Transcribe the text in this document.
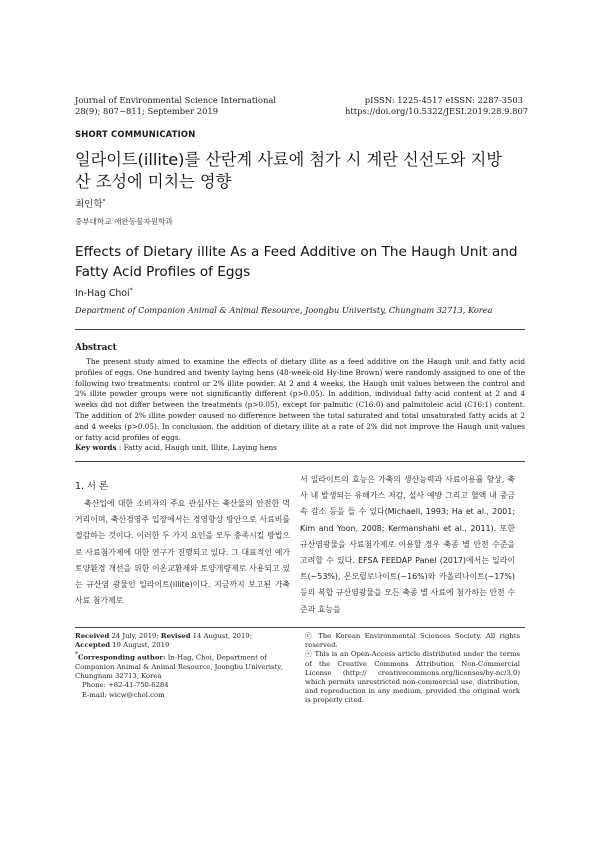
Journal of Environmental Science International
28(9); 807~811; September 2019
pISSN: 1225-4517 eISSN: 2287-3503
https://doi.org/10.5322/JESI.2019.28.9.807
SHORT COMMUNICATION
일라이트(illite)를 산란계 사료에 첨가 시 계란 신선도와 지방산 조성에 미치는 영향
최인학*
중부대학교 애완동물자원학과
Effects of Dietary illite As a Feed Additive on The Haugh Unit and Fatty Acid Profiles of Eggs
In-Hag Choi*
Department of Companion Animal & Animal Resource, Joongbu Univeristy, Chungnam 32713, Korea
Abstract
The present study aimed to examine the effects of dietary illite as a feed additive on the Haugh unit and fatty acid profiles of eggs. One hundred and twenty laying hens (48-week-old Hy-line Brown) were randomly assigned to one of the following two treatments: control or 2% illite powder. At 2 and 4 weeks, the Haugh unit values between the control and 2% illite powder groups were not significantly different (p>0.05). In addition, individual fatty acid content at 2 and 4 weeks did not differ between the treatments (p>0.05), except for palmitic (C16:0) and palmitoleic acid (C16:1) content. The addition of 2% illite powder caused no difference between the total saturated and total unsaturated fatty acids at 2 and 4 weeks (p>0.05). In conclusion, the addition of dietary illite at a rate of 2% did not improve the Haugh unit values or fatty acid profiles of eggs.
Key words : Fatty acid, Haugh unit, Illite, Laying hens
1. 서 론
축산업에 대한 소비자의 주요 관심사는 축산물의 안전한 먹거리이며, 축산경영주 입장에서는 경영향상 방안으로 사료비를 절감하는 것이다. 이러한 두 가지 요인을 모두 충족시킬 방법으로 사료첨가제에 대한 연구가 진행되고 있다. 그 대표적인 예가 토양환경 개선을 위한 이온교환제와 토양개량제로 사용되고 있는 규산염 광물인 일라이트(illite)이다. 지금까지 보고된 가축사료 첨가제로
서 일라이트의 효능은 가축의 생산능력과 사료이용률 향상, 축사 내 발생되는 유해가스 저감, 설사 예방 그리고 혈액 내 중금속 감소 등을 들 수 있다(Michaell, 1993; Ha et al., 2001; Kim and Yoon, 2008; Kermanshahi et al., 2011). 또한 규산염광물을 사료첨가제로 이용할 경우 축종 별 안전 수준을 고려할 수 있다. EFSA FEEDAP Panel (2017)에서는 일라이트(~53%), 몬모릴로나이트(~16%)와 카올리나이트(~17%)등의 복합 규산염광물을 모든 축종 별 사료에 첨가하는 안전 수준과 효능을
Received 24 July, 2019; Revised 14 August, 2019;
Accepted 19 August, 2019
*Corresponding author: In-Hag, Choi, Department of Companion Animal & Animal Resource, Joongbu Univeristy, Chungnam 32713, Korea
Phone: +82-41-750-6284
E-mail: wicw@chol.com
ⓒ The Korean Environmental Sciences Society. All rights reserved.
ⓢ This is an Open-Access article distributed under the terms of the Creative Commons Attribution Non-Commercial License (http:// creativecommons.org/licenses/by-nc/3.0) which permits unrestricted non-commercial use, distribution, and reproduction in any medium, provided the original work is properly cited.
